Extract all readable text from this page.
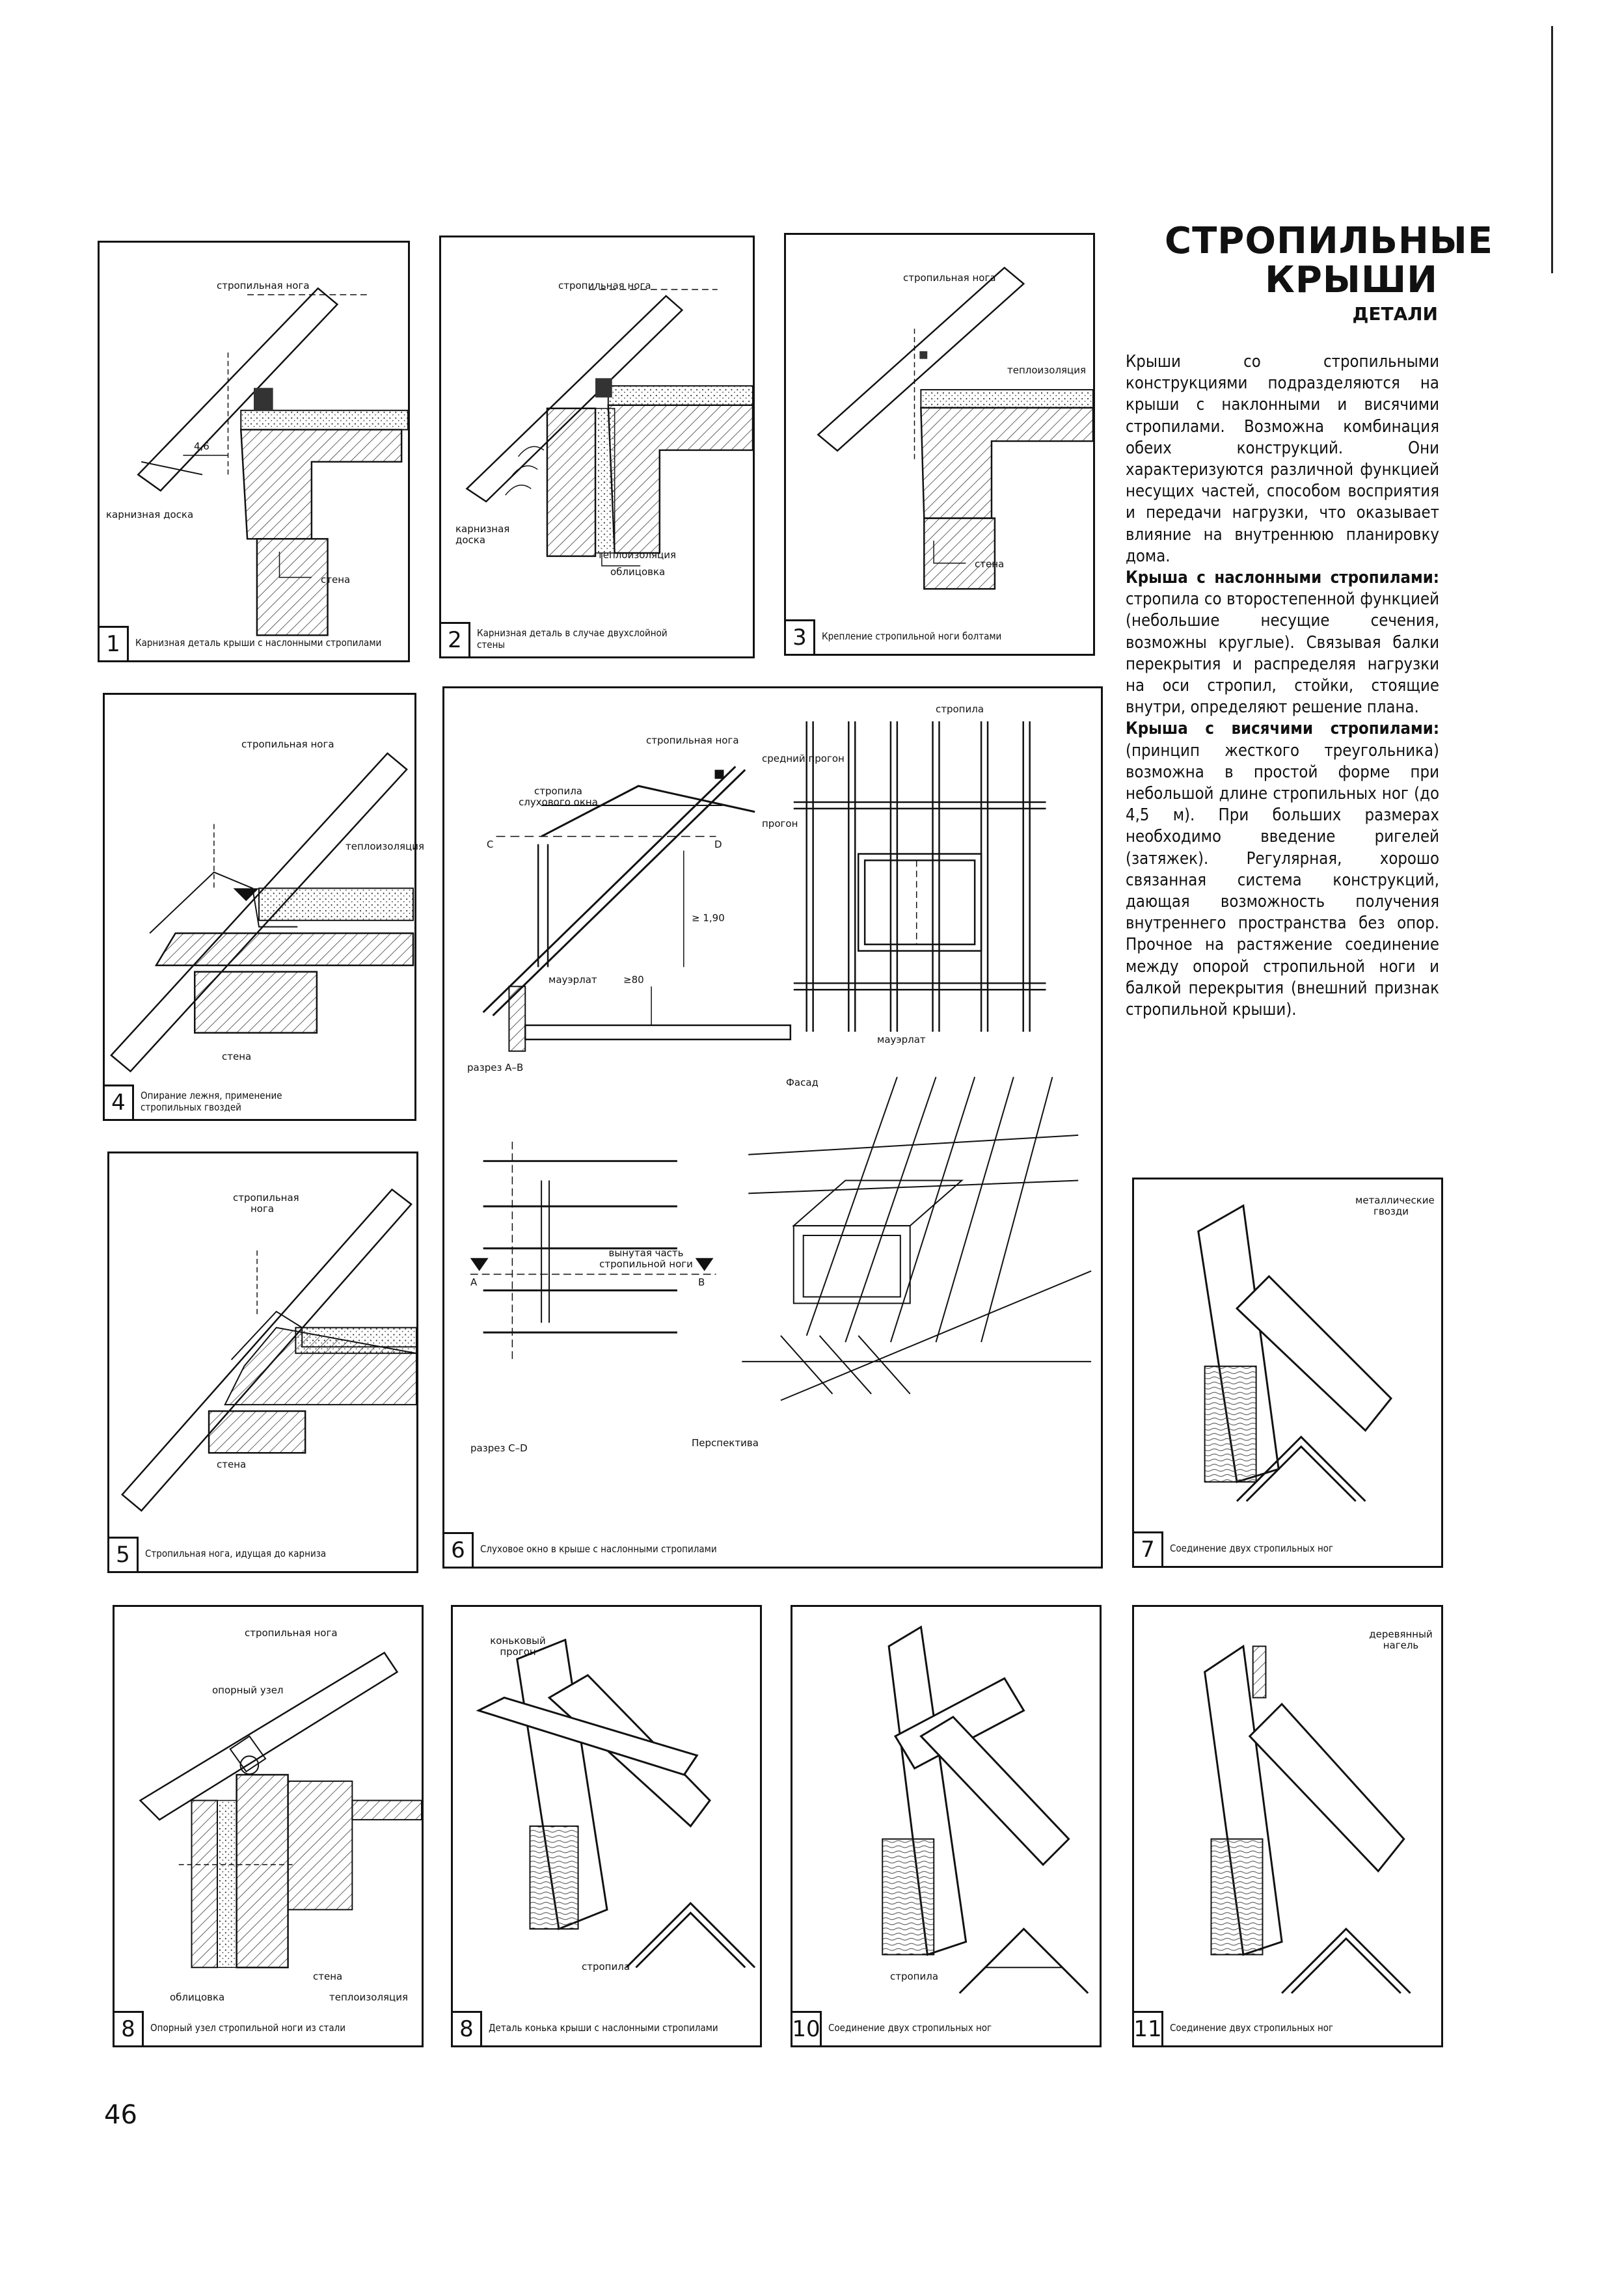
СТРОПИЛЬНЫЕ
КРЫШИ
ДЕТАЛИ

Крыши со стропильными конструкциями подразделяются на крыши с наклонными и висячими стропилами. Возможна комбинация обеих конструкций. Они характеризуются различной функцией несущих частей, способом восприятия и передачи нагрузки, что оказывает влияние на внутреннюю планировку дома.

Крыша с наслонными стропилами: стропила со второстепенной функцией (небольшие несущие сечения, возможны круглые). Связывая балки перекрытия и распределяя нагрузки на оси стропил, стойки, стоящие внутри, определяют решение плана.

Крыша с висячими стропилами: (принцип жесткого треугольника) возможна в простой форме при небольшой длине стропильных ног (до 4,5 м). При больших размерах необходимо введение ригелей (затяжек). Регулярная, хорошо связанная система конструкций, дающая возможность получения внутреннего пространства без опор. Прочное на растяжение соединение между опорой стропильной ноги и балкой перекрытия (внешний признак стропильной крыши).

стропильная нога
4,6
карнизная доска
стена
1	Карнизная деталь крыши с наслонными стропилами
стропильная нога
карнизная доска
теплоизоляция
облицовка
2	Карнизная деталь в случае двухслойной стены
стропильная нога
теплоизоляция
стена
3	Крепление стропильной ноги болтами
стропильная нога
теплоизоляция
стена
4	Опирание лежня, применение стропильных гвоздей
стропильная нога
стена
5	Стропильная нога, идущая до карниза
стропильная нога
стропила слухового окна
средний прогон
прогон
стропила
C	D
≥ 1,90
≥80
мауэрлат
разрез А–В
Фасад
мауэрлат
вынутая часть стропильной ноги
А	В
разрез С–D	Перспектива
6	Слуховое окно в крыше с наслонными стропилами
металлические гвозди
7	Соединение двух стропильных ног
стропильная нога
опорный узел
стена
облицовка	теплоизоляция
8	Опорный узел стропильной ноги из стали
коньковый прогон
стропила
8	Деталь конька крыши с наслонными стропилами
стропила
10 Соединение двух стропильных ног
деревянный нагель
11 Соединение двух стропильных ног
46
